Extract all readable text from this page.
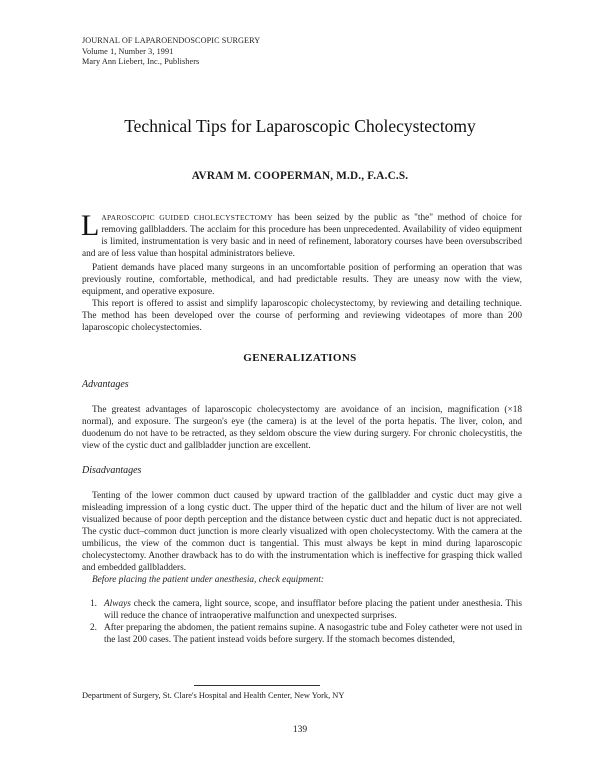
JOURNAL OF LAPAROENDOSCOPIC SURGERY
Volume 1, Number 3, 1991
Mary Ann Liebert, Inc., Publishers
Technical Tips for Laparoscopic Cholecystectomy
AVRAM M. COOPERMAN, M.D., F.A.C.S.
LAPAROSCOPIC GUIDED CHOLECYSTECTOMY has been seized by the public as "the" method of choice for removing gallbladders. The acclaim for this procedure has been unprecedented. Availability of video equipment is limited, instrumentation is very basic and in need of refinement, laboratory courses have been oversubscribed and are of less value than hospital administrators believe.
Patient demands have placed many surgeons in an uncomfortable position of performing an operation that was previously routine, comfortable, methodical, and had predictable results. They are uneasy now with the view, equipment, and operative exposure.
This report is offered to assist and simplify laparoscopic cholecystectomy, by reviewing and detailing technique. The method has been developed over the course of performing and reviewing videotapes of more than 200 laparoscopic cholecystectomies.
GENERALIZATIONS
Advantages
The greatest advantages of laparoscopic cholecystectomy are avoidance of an incision, magnification (×18 normal), and exposure. The surgeon's eye (the camera) is at the level of the porta hepatis. The liver, colon, and duodenum do not have to be retracted, as they seldom obscure the view during surgery. For chronic cholecystitis, the view of the cystic duct and gallbladder junction are excellent.
Disadvantages
Tenting of the lower common duct caused by upward traction of the gallbladder and cystic duct may give a misleading impression of a long cystic duct. The upper third of the hepatic duct and the hilum of liver are not well visualized because of poor depth perception and the distance between cystic duct and hepatic duct is not appreciated. The cystic duct–common duct junction is more clearly visualized with open cholecystectomy. With the camera at the umbilicus, the view of the common duct is tangential. This must always be kept in mind during laparoscopic cholecystectomy. Another drawback has to do with the instrumentation which is ineffective for grasping thick walled and embedded gallbladders.
Before placing the patient under anesthesia, check equipment:
1. Always check the camera, light source, scope, and insufflator before placing the patient under anesthesia. This will reduce the chance of intraoperative malfunction and unexpected surprises.
2. After preparing the abdomen, the patient remains supine. A nasogastric tube and Foley catheter were not used in the last 200 cases. The patient instead voids before surgery. If the stomach becomes distended,
Department of Surgery, St. Clare's Hospital and Health Center, New York, NY
139
